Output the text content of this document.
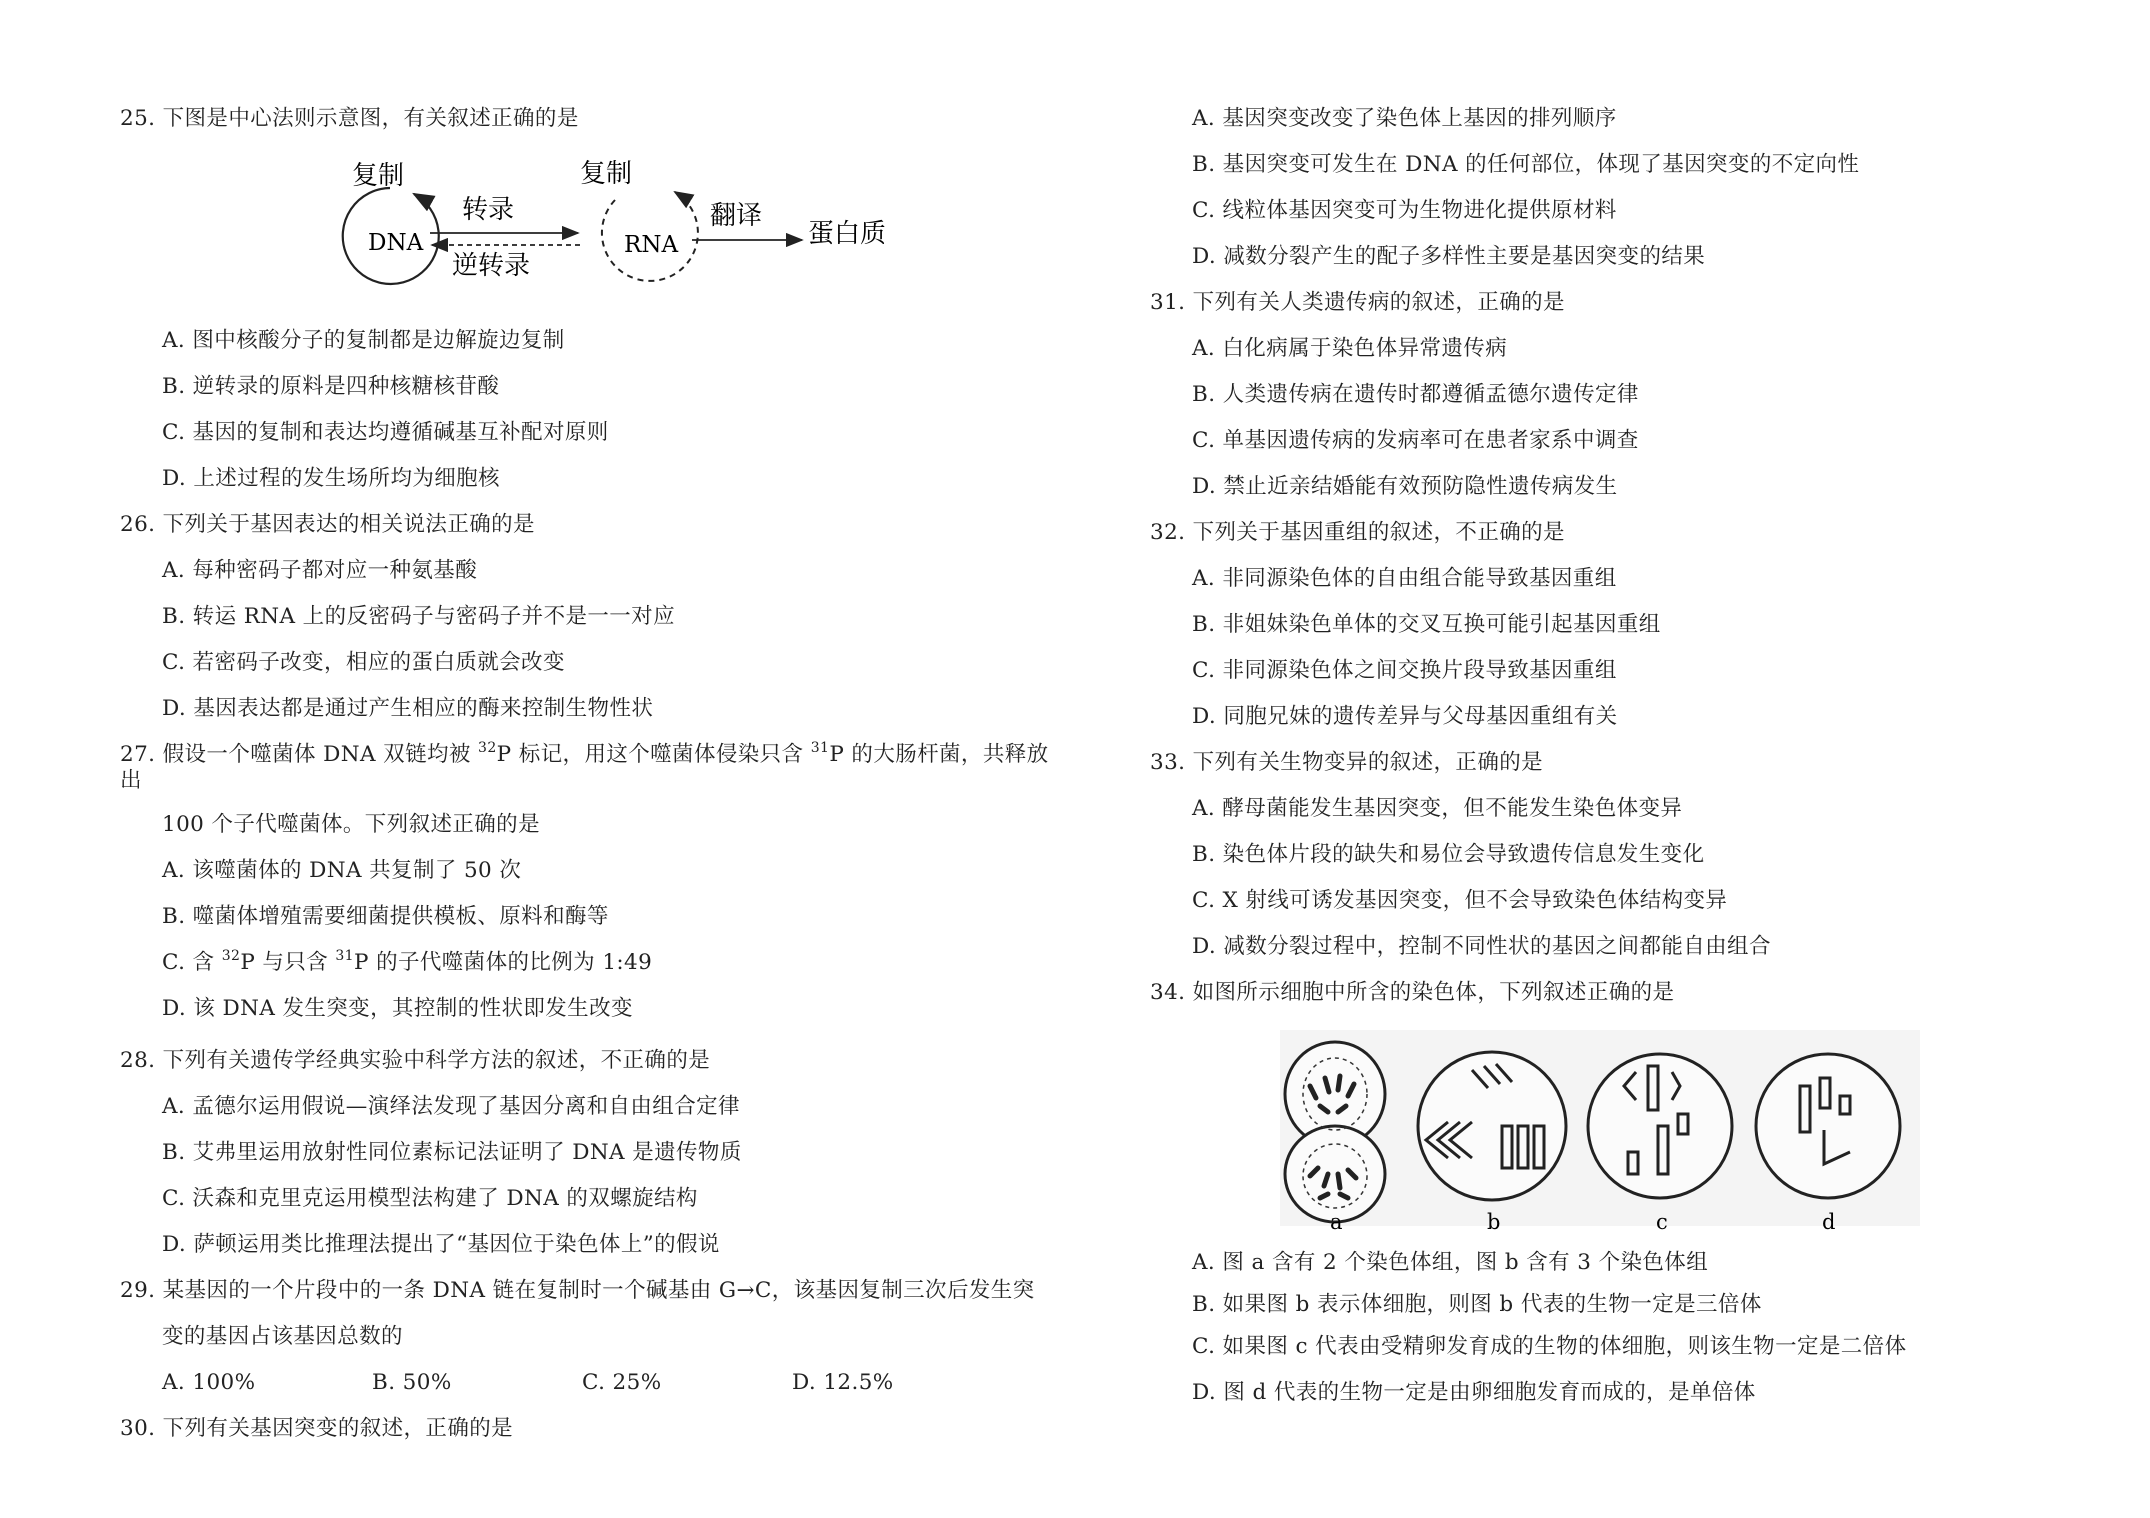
25. 下图是中心法则示意图，有关叙述正确的是
复制	复制
DNA	RNA
转录
逆转录
翻译
蛋白质
A. 图中核酸分子的复制都是边解旋边复制
B. 逆转录的原料是四种核糖核苷酸
C. 基因的复制和表达均遵循碱基互补配对原则
D. 上述过程的发生场所均为细胞核
26. 下列关于基因表达的相关说法正确的是
A. 每种密码子都对应一种氨基酸
B. 转运 RNA 上的反密码子与密码子并不是一一对应
C. 若密码子改变，相应的蛋白质就会改变
D. 基因表达都是通过产生相应的酶来控制生物性状
27. 假设一个噬菌体 DNA 双链均被 $^{32}$P 标记，用这个噬菌体侵染只含 $^{31}$P 的大肠杆菌，共释放
出
100 个子代噬菌体。下列叙述正确的是
A. 该噬菌体的 DNA 共复制了 50 次
B. 噬菌体增殖需要细菌提供模板、原料和酶等
C. 含 $^{32}$P 与只含 $^{31}$P 的子代噬菌体的比例为 1:49
D. 该 DNA 发生突变，其控制的性状即发生改变
28. 下列有关遗传学经典实验中科学方法的叙述，不正确的是
A. 孟德尔运用假说—演绎法发现了基因分离和自由组合定律
B. 艾弗里运用放射性同位素标记法证明了 DNA 是遗传物质
C. 沃森和克里克运用模型法构建了 DNA 的双螺旋结构
D. 萨顿运用类比推理法提出了“基因位于染色体上”的假说
29. 某基因的一个片段中的一条 DNA 链在复制时一个碱基由 G→C，该基因复制三次后发生突
变的基因占该基因总数的
A. 100%	B. 50%	C. 25%	D. 12.5%
30. 下列有关基因突变的叙述，正确的是
A. 基因突变改变了染色体上基因的排列顺序
B. 基因突变可发生在 DNA 的任何部位，体现了基因突变的不定向性
C. 线粒体基因突变可为生物进化提供原材料
D. 减数分裂产生的配子多样性主要是基因突变的结果
31. 下列有关人类遗传病的叙述，正确的是
A. 白化病属于染色体异常遗传病
B. 人类遗传病在遗传时都遵循孟德尔遗传定律
C. 单基因遗传病的发病率可在患者家系中调查
D. 禁止近亲结婚能有效预防隐性遗传病发生
32. 下列关于基因重组的叙述，不正确的是
A. 非同源染色体的自由组合能导致基因重组
B. 非姐妹染色单体的交叉互换可能引起基因重组
C. 非同源染色体之间交换片段导致基因重组
D. 同胞兄妹的遗传差异与父母基因重组有关
33. 下列有关生物变异的叙述，正确的是
A. 酵母菌能发生基因突变，但不能发生染色体变异
B. 染色体片段的缺失和易位会导致遗传信息发生变化
C. X 射线可诱发基因突变，但不会导致染色体结构变异
D. 减数分裂过程中，控制不同性状的基因之间都能自由组合
34. 如图所示细胞中所含的染色体，下列叙述正确的是
a	b	c	d
A. 图 a 含有 2 个染色体组，图 b 含有 3 个染色体组
B. 如果图 b 表示体细胞，则图 b 代表的生物一定是三倍体
C. 如果图 c 代表由受精卵发育成的生物的体细胞，则该生物一定是二倍体
D. 图 d 代表的生物一定是由卵细胞发育而成的，是单倍体
